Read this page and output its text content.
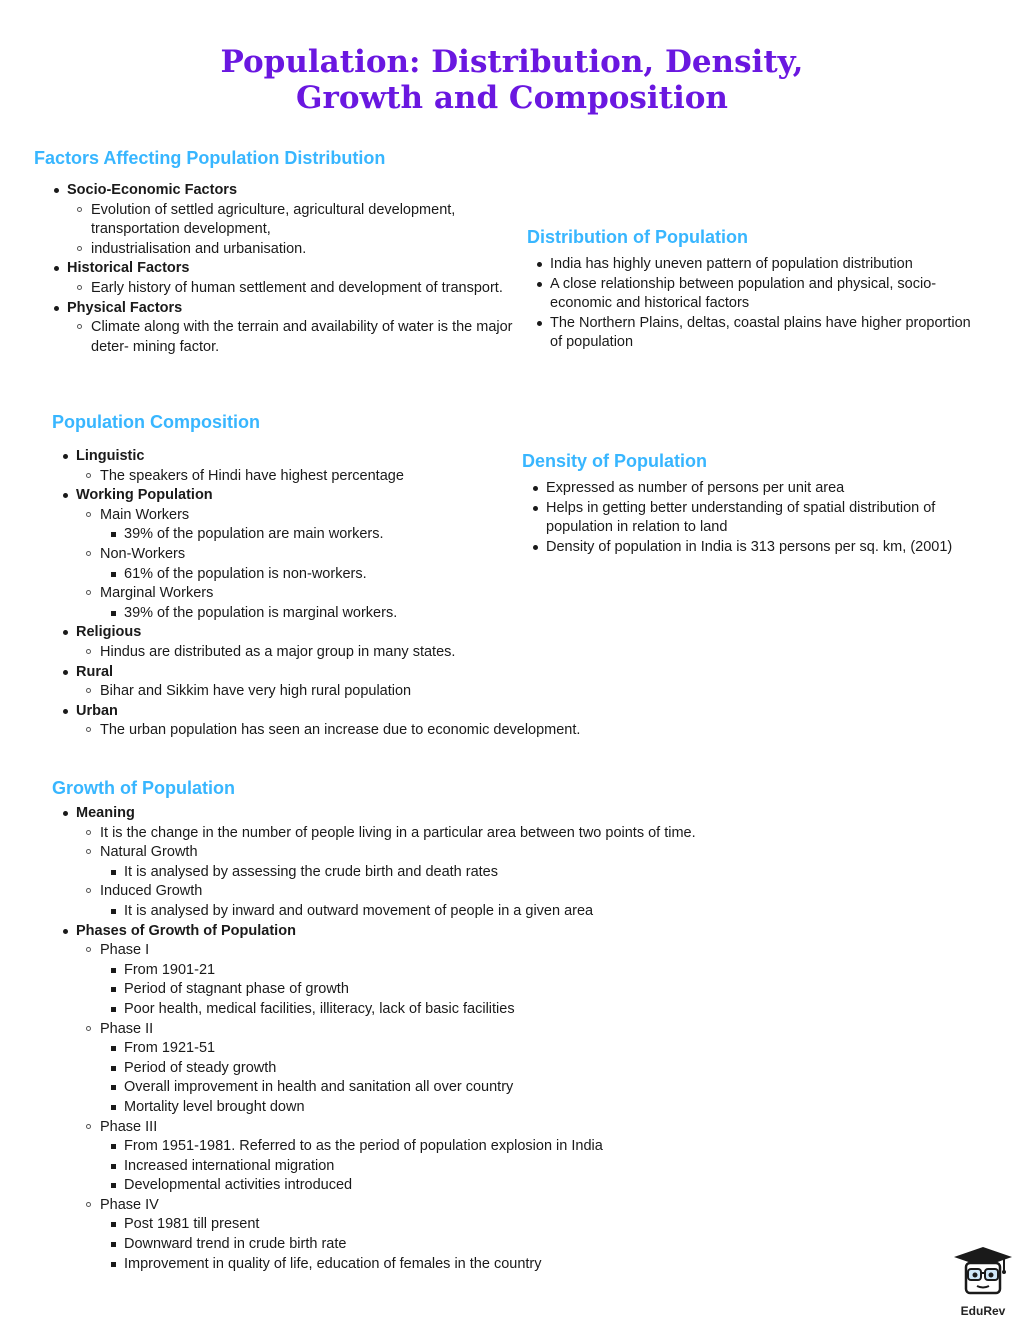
Population: Distribution, Density,
Growth and Composition
Factors Affecting Population Distribution
Socio-Economic Factors
Evolution of settled agriculture, agricultural development, transportation development,
industrialisation and urbanisation.
Historical Factors
Early history of human settlement and development of transport.
Physical Factors
Climate along with the terrain and availability of water is the major deter- mining factor.
Distribution of Population
India has highly uneven pattern of population distribution
A close relationship between population and physical, socio-economic and historical factors
The Northern Plains, deltas, coastal plains have higher proportion of population
Population Composition
Linguistic
The speakers of Hindi have highest percentage
Working Population
Main Workers
39% of the population are main workers.
Non-Workers
61% of the population is non-workers.
Marginal Workers
39% of the population is marginal workers.
Religious
Hindus are distributed as a major group in many states.
Rural
Bihar and Sikkim have very high rural population
Urban
The urban population has seen an increase due to economic development.
Density of Population
Expressed as number of persons per unit area
Helps in getting better understanding of spatial distribution of population in relation to land
Density of population in India is 313 persons per sq. km, (2001)
Growth of Population
Meaning
It is the change in the number of people living in a particular area between two points of time.
Natural Growth
It is analysed by assessing the crude birth and death rates
Induced Growth
It is analysed by inward and outward movement of people in a given area
Phases of Growth of Population
Phase I
From 1901-21
Period of stagnant phase of growth
Poor health, medical facilities, illiteracy, lack of basic facilities
Phase II
From 1921-51
Period of steady growth
Overall improvement in health and sanitation all over country
Mortality level brought down
Phase III
From 1951-1981. Referred to as the period of population explosion in India
Increased international migration
Developmental activities introduced
Phase IV
Post 1981 till present
Downward trend in crude birth rate
Improvement in quality of life, education of females in the country
EduRev
